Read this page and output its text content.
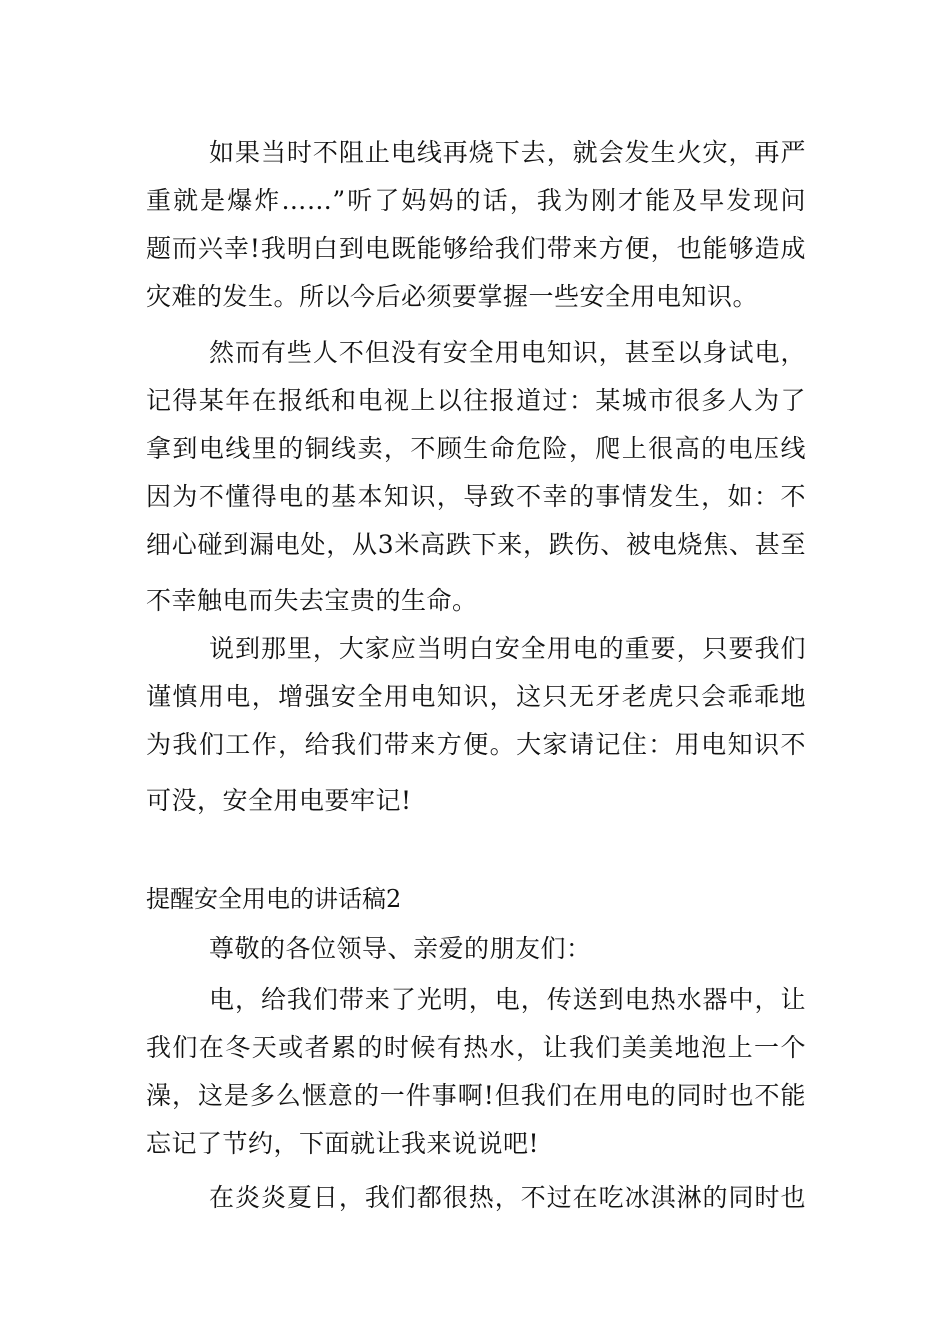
如果当时不阻止电线再烧下去，就会发生火灾，再严
重就是爆炸……”听了妈妈的话，我为刚才能及早发现问
题而兴幸!我明白到电既能够给我们带来方便，也能够造成
灾难的发生。所以今后必须要掌握一些安全用电知识。
然而有些人不但没有安全用电知识，甚至以身试电，
记得某年在报纸和电视上以往报道过：某城市很多人为了
拿到电线里的铜线卖，不顾生命危险，爬上很高的电压线
因为不懂得电的基本知识，导致不幸的事情发生，如：不
细心碰到漏电处，从3米高跌下来，跌伤、被电烧焦、甚至
不幸触电而失去宝贵的生命。
说到那里，大家应当明白安全用电的重要，只要我们
谨慎用电，增强安全用电知识，这只无牙老虎只会乖乖地
为我们工作，给我们带来方便。大家请记住：用电知识不
可没，安全用电要牢记!
提醒安全用电的讲话稿2
尊敬的各位领导、亲爱的朋友们：
电，给我们带来了光明，电，传送到电热水器中，让
我们在冬天或者累的时候有热水，让我们美美地泡上一个
澡，这是多么惬意的一件事啊!但我们在用电的同时也不能
忘记了节约，下面就让我来说说吧!
在炎炎夏日，我们都很热，不过在吃冰淇淋的同时也
